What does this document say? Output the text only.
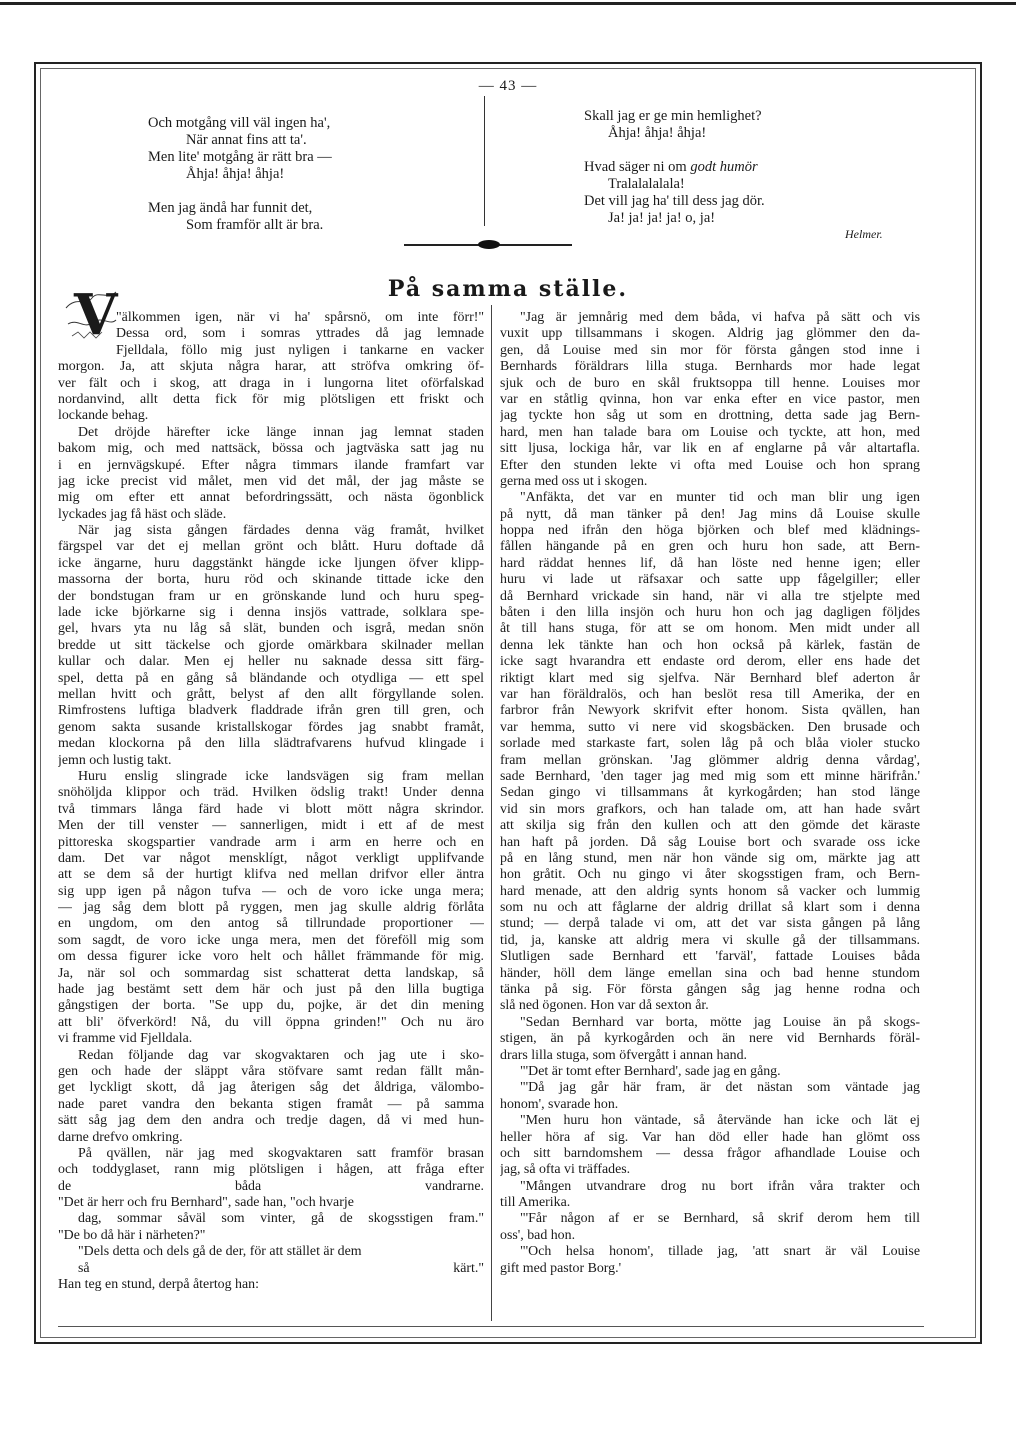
— 43 —
Och motgång vill väl ingen ha',
När annat fins att ta'.
Men lite' motgång är rätt bra —
Åhja! åhja! åhja!
Men jag ändå har funnit det,
Som framför allt är bra.
Skall jag er ge min hemlighet?
Åhja! åhja! åhja!
Hvad säger ni om godt humör
Tralalalalala!
Det vill jag ha' till dess jag dör.
Ja! ja! ja! ja! o, ja!
Helmer.
På samma ställe.
V
"älkommen igen, när vi ha' spårsnö, om inte förr!"
Dessa ord, som i somras yttrades då jag lemnade
Fjelldala, föllo mig just nyligen i tankarne en vacker
morgon. Ja, att skjuta några harar, att ströfva omkring öf-
ver fält och i skog, att draga in i lungorna litet oförfalskad
nordanvind, allt detta fick för mig plötsligen ett friskt och
lockande behag.
Det dröjde härefter icke länge innan jag lemnat staden
bakom mig, och med nattsäck, bössa och jagtväska satt jag nu
i en jernvägskupé. Efter några timmars ilande framfart var
jag icke precist vid målet, men vid det mål, der jag måste se
mig om efter ett annat befordringssätt, och nästa ögonblick
lyckades jag få häst och släde.
När jag sista gången färdades denna väg framåt, hvilket
färgspel var det ej mellan grönt och blått. Huru doftade då
icke ängarne, huru daggstänkt hängde icke ljungen öfver klipp-
massorna der borta, huru röd och skinande tittade icke den
der bondstugan fram ur en grönskande lund och huru speg-
lade icke björkarne sig i denna insjös vattrade, solklara spe-
gel, hvars yta nu låg så slät, bunden och isgrå, medan snön
bredde ut sitt täckelse och gjorde omärkbara skilnader mellan
kullar och dalar. Men ej heller nu saknade dessa sitt färg-
spel, detta på en gång så bländande och otydliga — ett spel
mellan hvitt och grått, belyst af den allt förgyllande solen.
Rimfrostens luftiga bladverk fladdrade ifrån gren till gren, och
genom sakta susande kristallskogar fördes jag snabbt framåt,
medan klockorna på den lilla slädtrafvarens hufvud klingade i
jemn och lustig takt.
Huru enslig slingrade icke landsvägen sig fram mellan
snöhöljda klippor och träd. Hvilken ödslig trakt! Under denna
två timmars långa färd hade vi blott mött några skrindor.
Men der till venster — sannerligen, midt i ett af de mest
pittoreska skogspartier vandrade arm i arm en herre och en
dam. Det var något mensklígt, något verkligt upplifvande
att se dem så der hurtigt klifva ned mellan drifvor eller äntra
sig upp igen på någon tufva — och de voro icke unga mera;
— jag såg dem blott på ryggen, men jag skulle aldrig förlåta
en ungdom, om den antog så tillrundade proportioner —
som sagdt, de voro icke unga mera, men det föreföll mig som
om dessa figurer icke voro helt och hållet främmande för mig.
Ja, när sol och sommardag sist schatterat detta landskap, så
hade jag bestämt sett dem här och just på den lilla bugtiga
gångstigen der borta. "Se upp du, pojke, är det din mening
att bli' öfverkörd! Nå, du vill öppna grinden!" Och nu äro
vi framme vid Fjelldala.
Redan följande dag var skogvaktaren och jag ute i sko-
gen och hade der släppt våra stöfvare samt redan fällt mån-
get lyckligt skott, då jag återigen såg det åldriga, välombo-
nade paret vandra den bekanta stigen framåt — på samma
sätt såg jag dem den andra och tredje dagen, då vi med hun-
darne drefvo omkring.
På qvällen, när jag med skogvaktaren satt framför brasan
och toddyglaset, rann mig plötsligen i hågen, att fråga efter
de båda vandrarne.
"Det är herr och fru Bernhard", sade han, "och hvarje
dag, sommar såväl som vinter, gå de skogsstigen fram."
"De bo då här i närheten?"
"Dels detta och dels gå de der, för att stället är dem
så kärt."
Han teg en stund, derpå återtog han:
"Jag är jemnårig med dem båda, vi hafva på sätt och vis
vuxit upp tillsammans i skogen. Aldrig jag glömmer den da-
gen, då Louise med sin mor för första gången stod inne i
Bernhards föräldrars lilla stuga. Bernhards mor hade legat
sjuk och de buro en skål fruktsoppa till henne. Louises mor
var en ståtlig qvinna, hon var enka efter en vice pastor, men
jag tyckte hon såg ut som en drottning, detta sade jag Bern-
hard, men han talade bara om Louise och tyckte, att hon, med
sitt ljusa, lockiga hår, var lik en af englarne på vår altartafla.
Efter den stunden lekte vi ofta med Louise och hon sprang
gerna med oss ut i skogen.
"Anfäkta, det var en munter tid och man blir ung igen
på nytt, då man tänker på den! Jag mins då Louise skulle
hoppa ned ifrån den höga björken och blef med klädnings-
fållen hängande på en gren och huru hon sade, att Bern-
hard räddat hennes lif, då han löste ned henne igen; eller
huru vi lade ut räfsaxar och satte upp fågelgiller; eller
då Bernhard vrickade sin hand, när vi alla tre stjelpte med
båten i den lilla insjön och huru hon och jag dagligen följdes
åt till hans stuga, för att se om honom. Men midt under all
denna lek tänkte han och hon också på kärlek, fastän de
icke sagt hvarandra ett endaste ord derom, eller ens hade det
riktigt klart med sig sjelfva. När Bernhard blef aderton år
var han föräldralös, och han beslöt resa till Amerika, der en
farbror från Newyork skrifvit efter honom. Sista qvällen, han
var hemma, sutto vi nere vid skogsbäcken. Den brusade och
sorlade med starkaste fart, solen låg på och blåa violer stucko
fram mellan grönskan. 'Jag glömmer aldrig denna vårdag',
sade Bernhard, 'den tager jag med mig som ett minne härifrån.'
Sedan gingo vi tillsammans åt kyrkogården; han stod länge
vid sin mors grafkors, och han talade om, att han hade svårt
att skilja sig från den kullen och att den gömde det käraste
han haft på jorden. Då såg Louise bort och svarade oss icke
på en lång stund, men när hon vände sig om, märkte jag att
hon gråtit. Och nu gingo vi åter skogsstigen fram, och Bern-
hard menade, att den aldrig synts honom så vacker och lummig
som nu och att fåglarne der aldrig drillat så klart som i denna
stund; — derpå talade vi om, att det var sista gången på lång
tid, ja, kanske att aldrig mera vi skulle gå der tillsammans.
Slutligen sade Bernhard ett 'farväl', fattade Louises båda
händer, höll dem länge emellan sina och bad henne stundom
tänka på sig. För första gången såg jag henne rodna och
slå ned ögonen. Hon var då sexton år.
"Sedan Bernhard var borta, mötte jag Louise än på skogs-
stigen, än på kyrkogården och än nere vid Bernhards föräl-
drars lilla stuga, som öfvergått i annan hand.
"'Det är tomt efter Bernhard', sade jag en gång.
"'Då jag går här fram, är det nästan som väntade jag
honom', svarade hon.
"Men huru hon väntade, så återvände han icke och lät ej
heller höra af sig. Var han död eller hade han glömt oss
och sitt barndomshem — dessa frågor afhandlade Louise och
jag, så ofta vi träffades.
"Mången utvandrare drog nu bort ifrån våra trakter och
till Amerika.
"'Får någon af er se Bernhard, så skrif derom hem till
oss', bad hon.
"'Och helsa honom', tillade jag, 'att snart är väl Louise
gift med pastor Borg.'
